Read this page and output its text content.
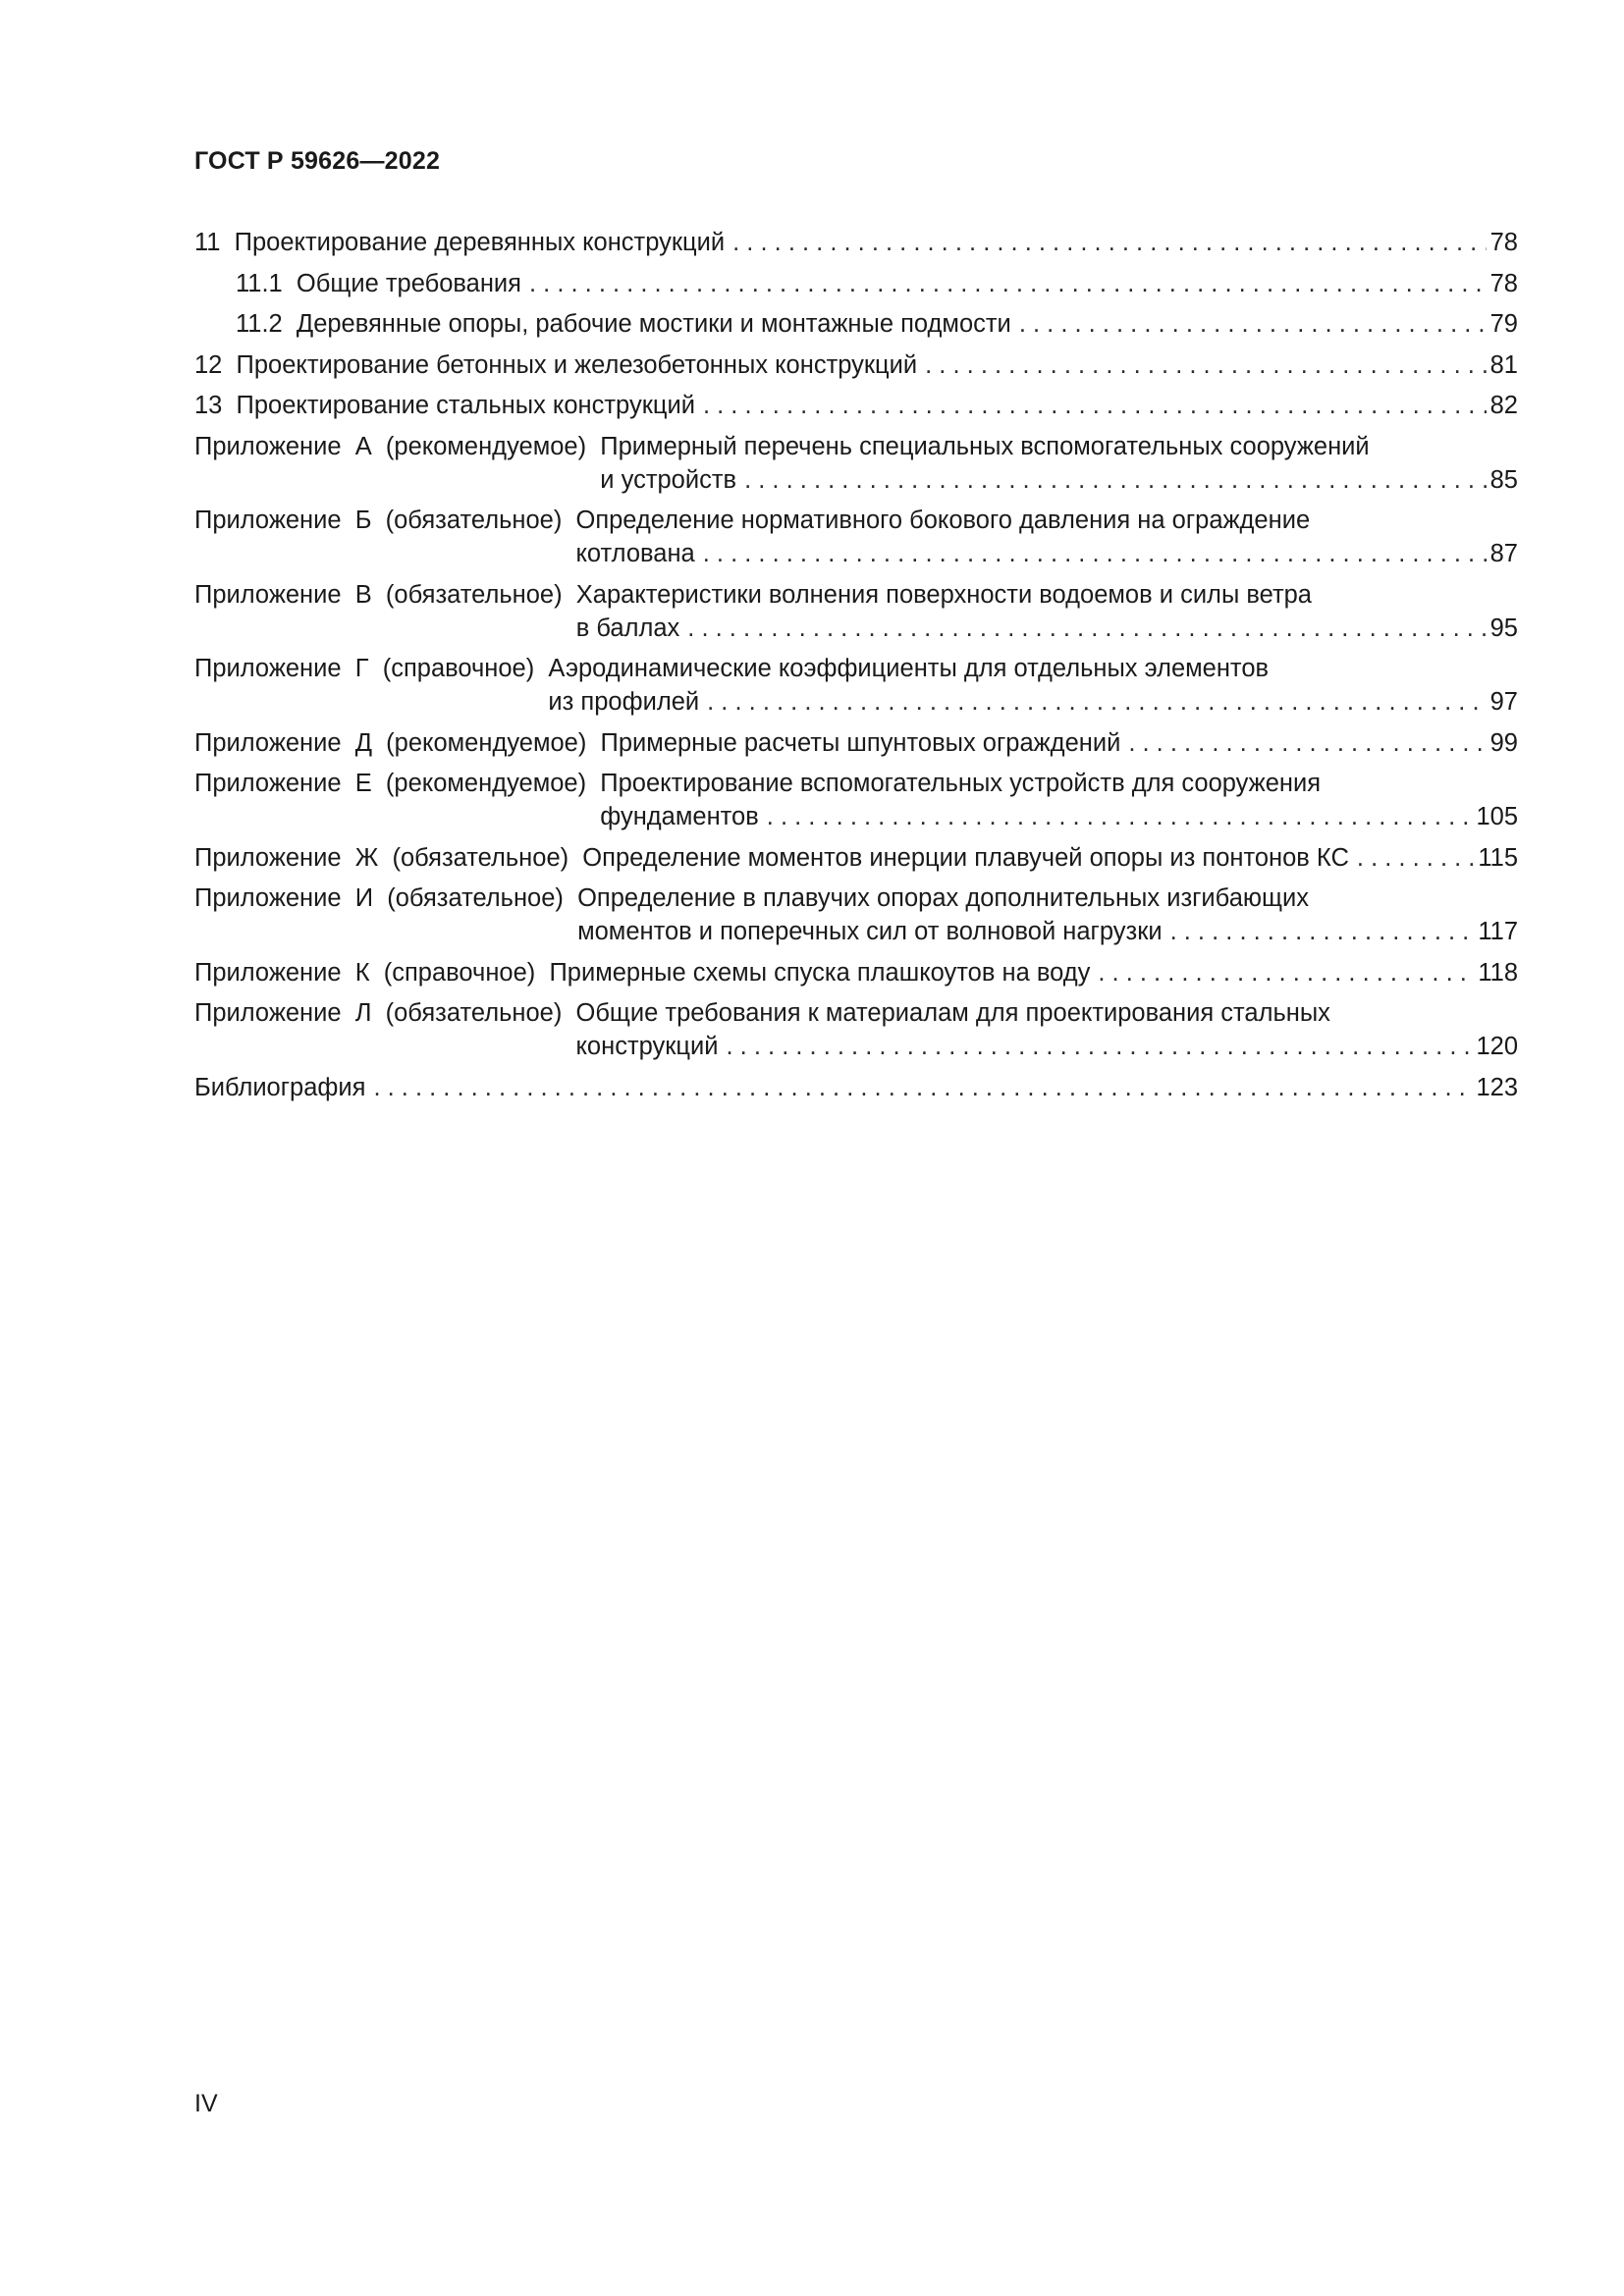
ГОСТ Р 59626—2022
11  Проектирование деревянных конструкций . . .	78
11.1  Общие требования . . .	78
11.2  Деревянные опоры, рабочие мостики и монтажные подмости . . .	79
12  Проектирование бетонных и железобетонных конструкций . . .	81
13  Проектирование стальных конструкций . . .	82
Приложение  А  (рекомендуемое) Примерный перечень специальных вспомогательных сооружений
и устройств . . .	85
Приложение  Б  (обязательное) Определение нормативного бокового давления на ограждение
котлована . . .	87
Приложение  В  (обязательное) Характеристики волнения поверхности водоемов и силы ветра
в баллах . . .	95
Приложение  Г  (справочное) Аэродинамические коэффициенты для отдельных элементов
из профилей . . .	97
Приложение  Д  (рекомендуемое)  Примерные расчеты шпунтовых ограждений . . .	99
Приложение  Е  (рекомендуемое) Проектирование вспомогательных устройств для сооружения
фундаментов . . .	105
Приложение  Ж  (обязательное)  Определение моментов инерции плавучей опоры из понтонов КС . . .	115
Приложение  И  (обязательное) Определение в плавучих опорах дополнительных изгибающих
моментов и поперечных сил от волновой нагрузки . . .	117
Приложение  К  (справочное)  Примерные схемы спуска плашкоутов на воду . . .	118
Приложение  Л  (обязательное) Общие требования к материалам для проектирования стальных
конструкций . . .	120
Библиография . . .	123
IV
